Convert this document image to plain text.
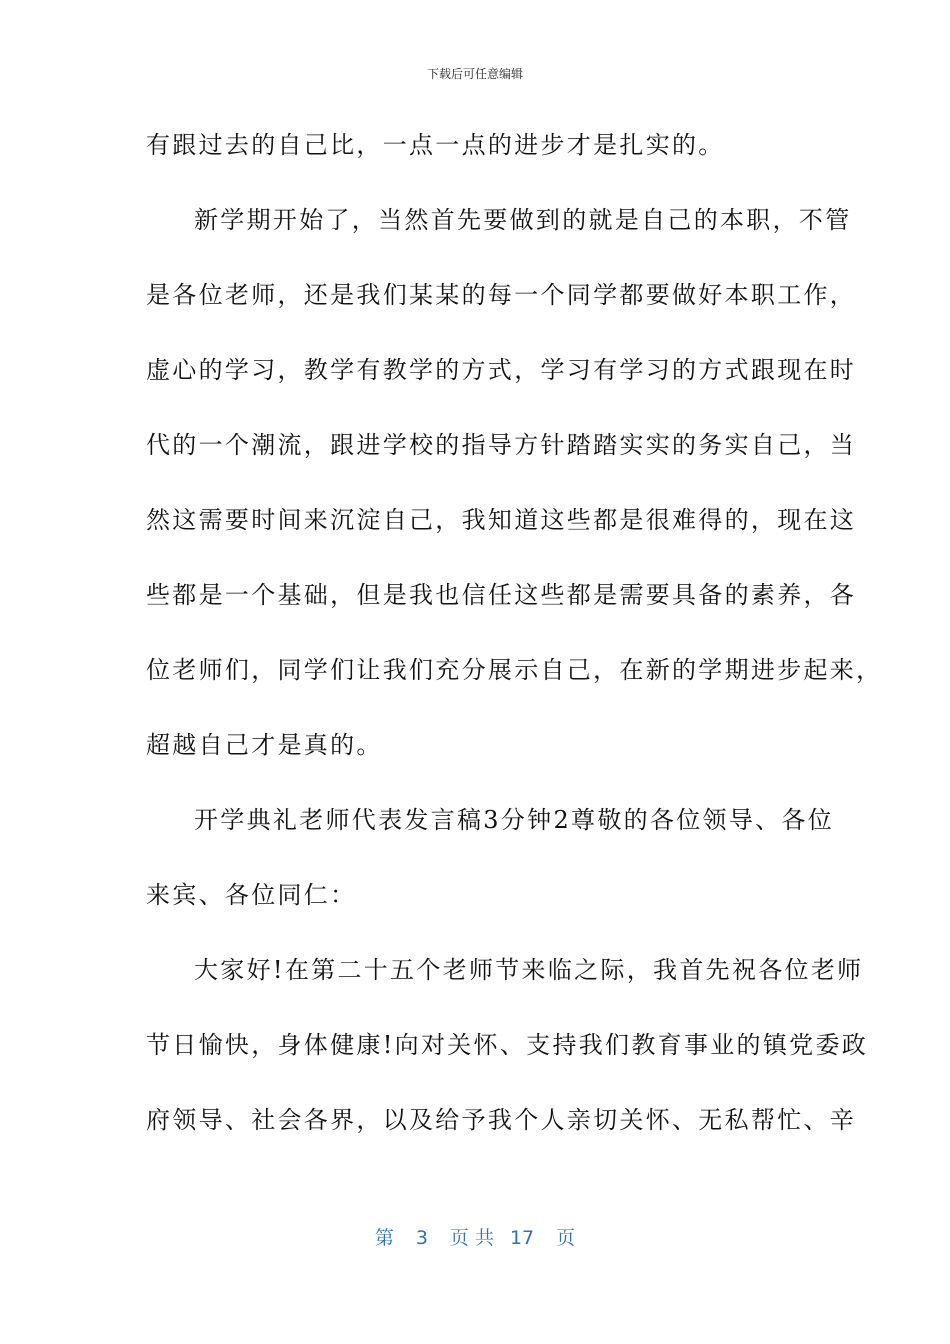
下载后可任意编辑
有跟过去的自己比，一点一点的进步才是扎实的。
新学期开始了，当然首先要做到的就是自己的本职，不管
是各位老师，还是我们某某的每一个同学都要做好本职工作，
虚心的学习，教学有教学的方式，学习有学习的方式跟现在时
代的一个潮流，跟进学校的指导方针踏踏实实的务实自己，当
然这需要时间来沉淀自己，我知道这些都是很难得的，现在这
些都是一个基础，但是我也信任这些都是需要具备的素养，各
位老师们，同学们让我们充分展示自己，在新的学期进步起来，
超越自己才是真的。
开学典礼老师代表发言稿3分钟2尊敬的各位领导、各位
来宾、各位同仁：
大家好!在第二十五个老师节来临之际，我首先祝各位老师
节日愉快，身体健康!向对关怀、支持我们教育事业的镇党委政
府领导、社会各界，以及给予我个人亲切关怀、无私帮忙、辛
第 3 页 共 17 页
